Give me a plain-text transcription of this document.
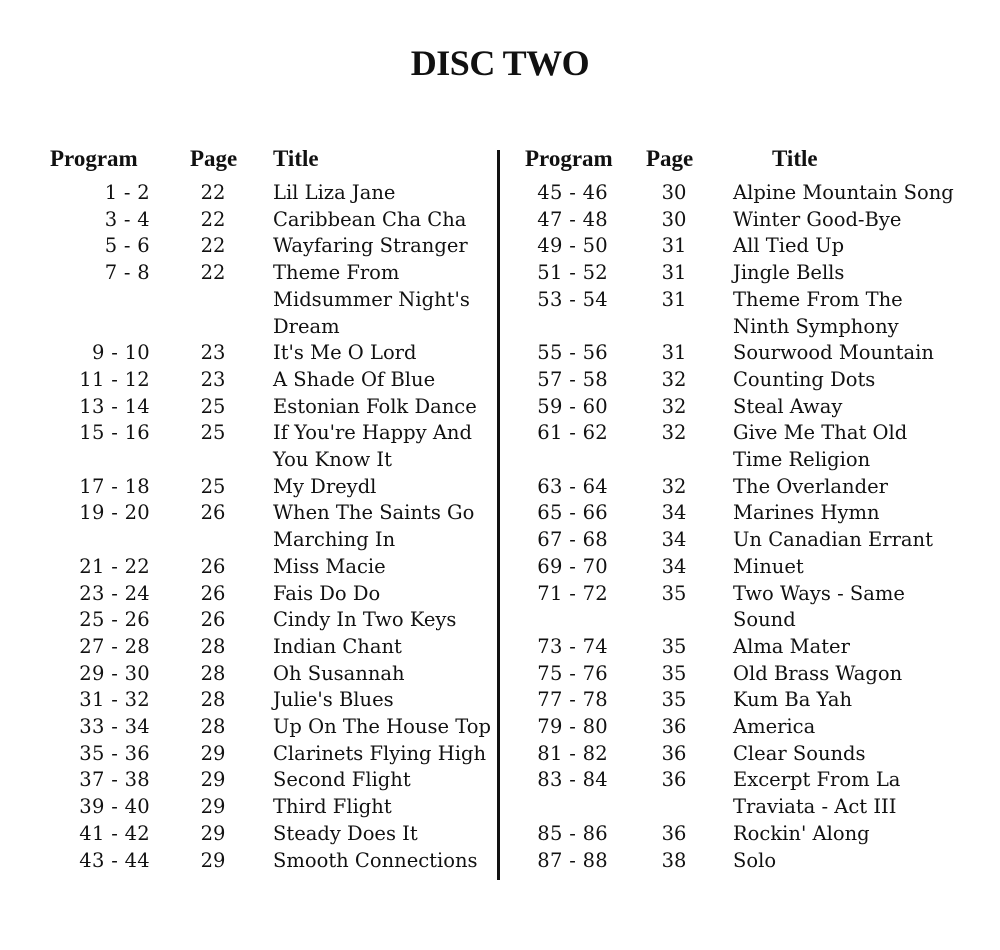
DISC TWO
Program Page Title	Program Page	Title
1 - 2	22	Lil Liza Jane
3 - 4	22	Caribbean Cha Cha
5 - 6	22	Wayfaring Stranger
7 - 8	22	Theme From Midsummer Night's Dream
9 - 10	23	It's Me O Lord
11 - 12	23	A Shade Of Blue
13 - 14	25	Estonian Folk Dance
15 - 16	25	If You're Happy And You Know It
17 - 18	25	My Dreydl
19 - 20	26	When The Saints Go Marching In
21 - 22	26	Miss Macie
23 - 24	26	Fais Do Do
25 - 26	26	Cindy In Two Keys
27 - 28	28	Indian Chant
29 - 30	28	Oh Susannah
31 - 32	28	Julie's Blues
33 - 34	28	Up On The House Top
35 - 36	29	Clarinets Flying High
37 - 38	29	Second Flight
39 - 40	29	Third Flight
41 - 42	29	Steady Does It
43 - 44	29	Smooth Connections
45 - 46	30	Alpine Mountain Song
47 - 48	30	Winter Good-Bye
49 - 50	31	All Tied Up
51 - 52	31	Jingle Bells
53 - 54	31	Theme From The Ninth Symphony
55 - 56	31	Sourwood Mountain
57 - 58	32	Counting Dots
59 - 60	32	Steal Away
61 - 62	32	Give Me That Old Time Religion
63 - 64	32	The Overlander
65 - 66	34	Marines Hymn
67 - 68	34	Un Canadian Errant
69 - 70	34	Minuet
71 - 72	35	Two Ways - Same Sound
73 - 74	35	Alma Mater
75 - 76	35	Old Brass Wagon
77 - 78	35	Kum Ba Yah
79 - 80	36	America
81 - 82	36	Clear Sounds
83 - 84	36	Excerpt From La Traviata - Act III
85 - 86	36	Rockin' Along
87 - 88	38	Solo
